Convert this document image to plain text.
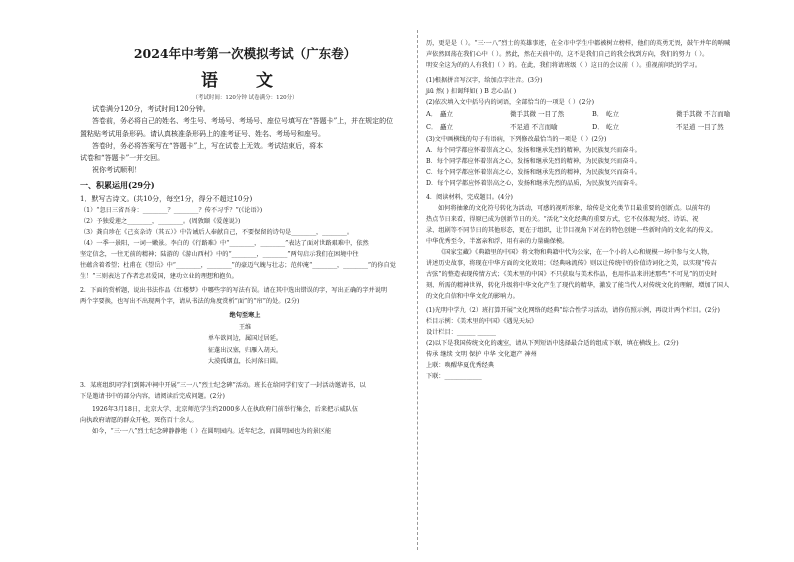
2024年中考第一次模拟考试（广东卷）
语 文
（考试时间：120分钟 试卷满分：120分）

试卷满分120分，考试时间120分钟。

答卷前，务必将自己的姓名、考生号、考场号、考场号、座位号填写在“答题卡”上，并在规定的位

置粘贴考试用条形码。请认真核准条形码上的准考证号、姓名、考场号和座号。

答卷时，务必将答案写在“答题卡”上，写在试卷上无效。考试结束后，将本

试卷和“答题卡”一并交回。

祝你考试顺利！

一、积累运用(29分)

1．默写古诗文。(共10分，每空1分，得分不超过10分)

（1）“忽日三省吾身：________？________？传不习乎？”(《论语》)

（2）予独爱莲之________，________。(周敦颐《爱莲说》)

（3）龚自珍在《己亥杂诗（其五）》中告诫后人奉献自己，不要保留的诗句是________，________。

（4）一季一景阳，一词一嫩景。李白的《行路难》中“________，________”表达了面对世路艰难中，依然

坚定信念，一往无前的精神；陆游的《游山西村》中的“________，________”两句启示我们在困境中往

往蕴含着希望；杜甫在《望岳》中“________，________”的豪迈气魄与壮志；范仲淹“________，________”的你自觉

生！”三则表达了作者忠君爱国，建功立业的理想和抱负。

2．下面的赏析题，说出书法作品《红楼梦》中哪些字的写法有误。请在其中选出错误的字，写出正确的字并说明

两个字要换，也写出不出现两个字，请从书法的角度赏析“面”的“帘”的处。(2分)

绝句至寒上
王维
单车欲问边，属国过居延。
征蓬出汉塞，归雁入胡天。
大漠孤烟直，长河落日圆。

3．某班组织同学们到陈冲祠中开展“三一八”烈士纪念碑”活动。班长在给同学们安了一封活动邀请书，以

下是邀请书中的部分内容，请阅读后完成问题。(2分)

1926年3月18日，北京大学、北京师范学生约2000多人在执政府门前举行集会，后来把示威队伍

向执政府请愿的群众开枪，死伤百十余人。

如今，“三·一八”烈士纪念碑静静地（ ）在圆明园内。近年纪念，而圆明园也为的景区能

历，更是是（ ）。“三·一八”烈士的英雄事迹，在全市中学生中都被树立榜样，他们的英勇无畏，鼓午并年的呐喊

声依然回荡在我们心中（ ）。然此，然在天前中的，这不是我们自己的我会找到方向，我们的努力（ ）。

明安全这为的的人有我们（ ）的。在此，我们将请班级（ ）这日的会议前（ ）。重视前问纪的学习。

(1)根据拼音写汉字，给加点字注音。(3分)

jiū 然( ) 扣谒拜如( ) B 忠心品( )

(2)依次填入文中括号内的词语，全部恰当的一项是（ ）(2分)

A． 矗立	微手其微 一目了然	B． 屹立	微手其微 不言而喻
C． 矗立	不足道 不言而喻	D． 屹立	不足道 一目了然

(3)文中画横线的句子有语病，下列修改最恰当的一项是（ ）(2分)

A．每个同学都应怀着崇高之心，发扬和继承先烈的精神，为民族复兴而奋斗。

B．每个同学都应怀着崇高之心，发扬和继承先烈的精神，为民族复兴而奋斗。

C．每个同学都应怀着崇高之心，发扬和继承先烈的精神，为民族复兴而奋斗。

D．每个同学都应怀着崇高之心，发扬和继承先烈的品质，为民族复兴而奋斗。

4．阅读材料，完成题目。(4分)

如何将抽象的文化符号转化为活动，可感的视听形象，给传是文化类节目最重要的创新点。以前年的

热点节日来看，得原已成为创新节日的关。“活化”文化经典的重要方式，它不仅体现为经、诗话、祝

录、组剧等不同节日的其他形态，更在于组织，让节目视角下对在的特色创建一些新时尚的文化名的传义。

中华优秀至今，半富亲和浮，用有亲的力量确保模。

《国家宝藏》《典籍里的中国》将文物和典籍中代为公家，在一个小的人心和规模一场中参与文人物，

讲述历史故事，将现在中华方面的文化效用；《经典咏流传》则以让传统中的价值诗词化之美，以实现“传吉

古弦”的整造表现传情方式；《美术里的中国》不只获取与美术作品，也用作品来讲述那些“不可见”的历史时

刻、所需的精神世界，转化升级将中华文化产生了现代的精华，激发了能当代人对传统文化的理解，增加了国人

的文化自信和中华文化的影响力。

(1)光明中学九（2）班打算开展“文化网络的经典”综合性学习活动，请你仿照示例，再设计两个栏目。(2分)

栏目示例：《美术里的中国》《遇见天坛》

设计栏目：______ ______

(2)以下是我国传统文化的魂室，请从下列短语中选择最合适的组成下联，填在横线上。(2分)

传承 继续 文明 保护 中华 文化遗产 神州

上联：唤醒华夏优秀经典

下联：____________
